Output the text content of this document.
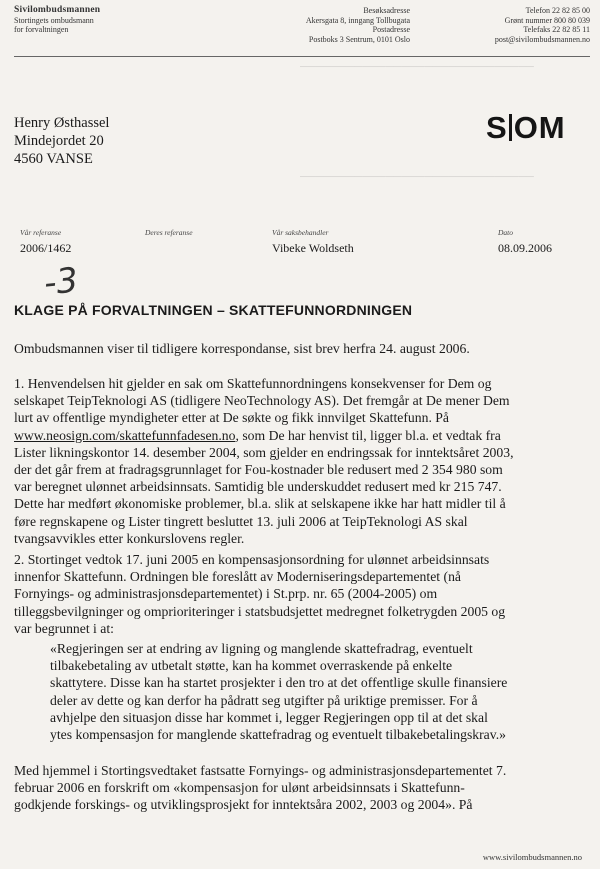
──────────────────────────────
──────────────────────────────
Sivilombudsmannen
Stortingets ombudsmann
for forvaltningen
Besøksadresse
Akersgata 8, inngang Tollbugata
Postadresse
Postboks 3 Sentrum, 0101 Oslo
Telefon 22 82 85 00
Grønt nummer 800 80 039
Telefaks 22 82 85 11
post@sivilombudsmannen.no
Henry Østhassel
Mindejordet 20
4560 VANSE
S OM
Vår referanse
2006/1462
Deres referanse	Vår saksbehandler
Vibeke Woldseth
Dato
08.09.2006
-3
KLAGE PÅ FORVALTNINGEN – SKATTEFUNNORDNINGEN

Ombudsmannen viser til tidligere korrespondanse, sist brev herfra 24. august 2006.

1. Henvendelsen hit gjelder en sak om Skattefunnordningens konsekvenser for Dem og
selskapet TeipTeknologi AS (tidligere NeoTechnology AS). Det fremgår at De mener Dem
lurt av offentlige myndigheter etter at De søkte og fikk innvilget Skattefunn. På
www.neosign.com/skattefunnfadesen.no, som De har henvist til, ligger bl.a. et vedtak fra
Lister likningskontor 14. desember 2004, som gjelder en endringssak for inntektsåret 2003,
der det går frem at fradragsgrunnlaget for Fou-kostnader ble redusert med 2 354 980 som
var beregnet ulønnet arbeidsinnsats. Samtidig ble underskuddet redusert med kr 215 747.
Dette har medført økonomiske problemer, bl.a. slik at selskapene ikke har hatt midler til å
føre regnskapene og Lister tingrett besluttet 13. juli 2006 at TeipTeknologi AS skal
tvangsavvikles etter konkurslovens regler.

2. Stortinget vedtok 17. juni 2005 en kompensasjonsordning for ulønnet arbeidsinnsats
innenfor Skattefunn. Ordningen ble foreslått av Moderniseringsdepartementet (nå
Fornyings- og administrasjonsdepartementet) i St.prp. nr. 65 (2004-2005) om
tilleggsbevilgninger og omprioriteringer i statsbudsjettet medregnet folketrygden 2005 og
var begrunnet i at:

«Regjeringen ser at endring av ligning og manglende skattefradrag, eventuelt
tilbakebetaling av utbetalt støtte, kan ha kommet overraskende på enkelte
skattytere. Disse kan ha startet prosjekter i den tro at det offentlige skulle finansiere
deler av dette og kan derfor ha pådratt seg utgifter på uriktige premisser. For å
avhjelpe den situasjon disse har kommet i, legger Regjeringen opp til at det skal
ytes kompensasjon for manglende skattefradrag og eventuelt tilbakebetalingskrav.»

Med hjemmel i Stortingsvedtaket fastsatte Fornyings- og administrasjonsdepartementet 7.
februar 2006 en forskrift om «kompensasjon for ulønt arbeidsinnsats i Skattefunn-
godkjende forskings- og utviklingsprosjekt for inntektsåra 2002, 2003 og 2004». På

www.sivilombudsmannen.no
